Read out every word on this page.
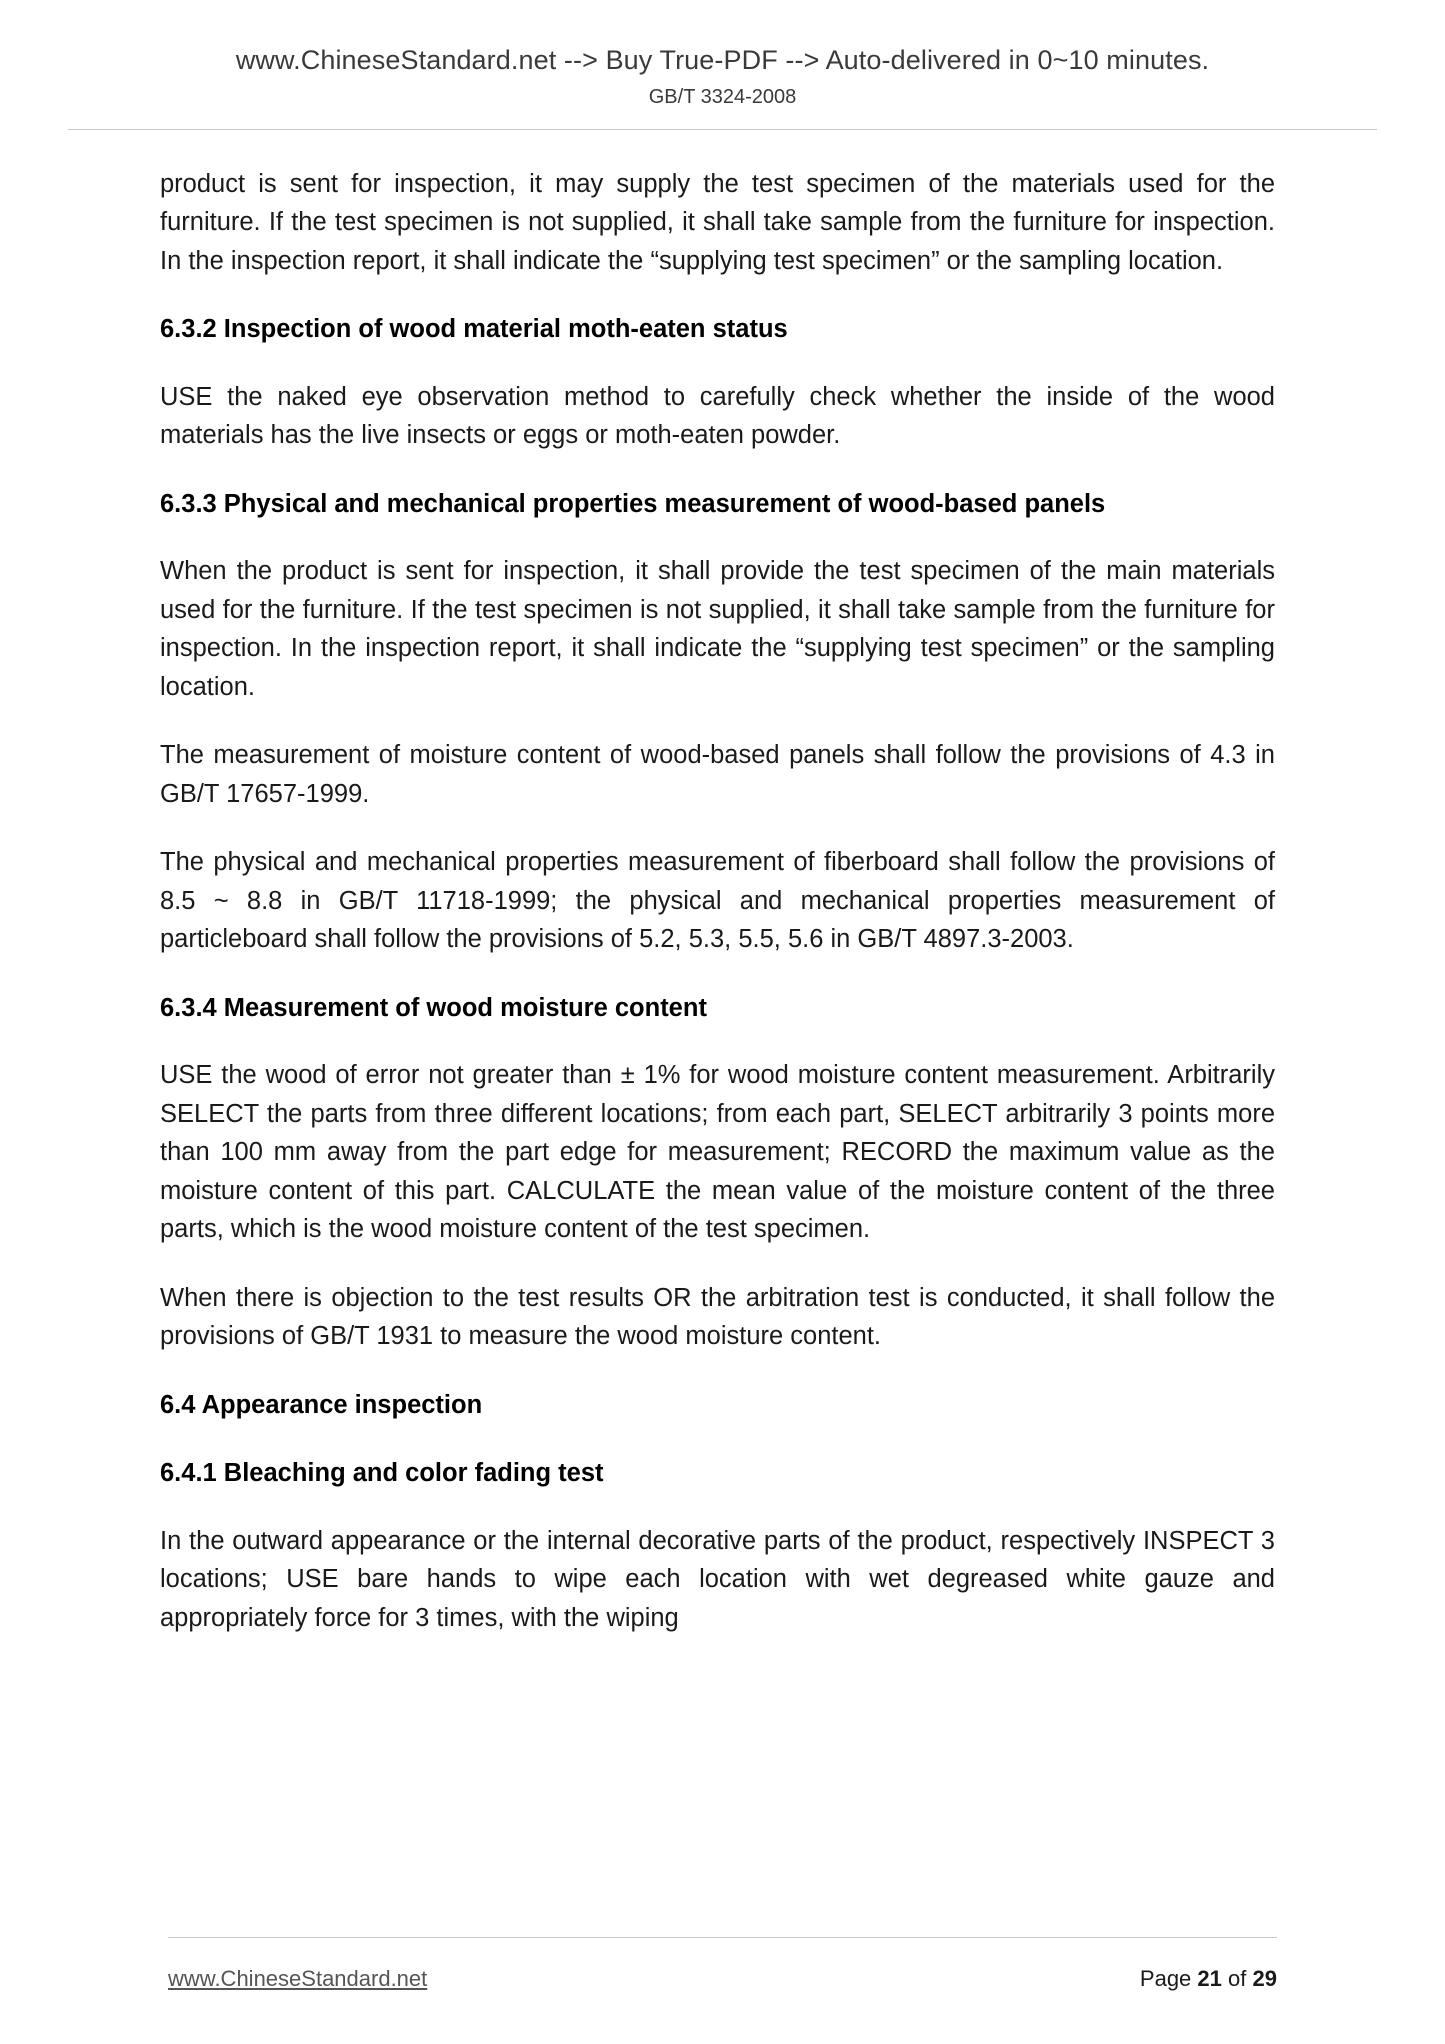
www.ChineseStandard.net --> Buy True-PDF --> Auto-delivered in 0~10 minutes.
GB/T 3324-2008

product is sent for inspection, it may supply the test specimen of the materials used for the furniture. If the test specimen is not supplied, it shall take sample from the furniture for inspection. In the inspection report, it shall indicate the “supplying test specimen” or the sampling location.

6.3.2 Inspection of wood material moth-eaten status

USE the naked eye observation method to carefully check whether the inside of the wood materials has the live insects or eggs or moth-eaten powder.

6.3.3 Physical and mechanical properties measurement of wood-based panels

When the product is sent for inspection, it shall provide the test specimen of the main materials used for the furniture. If the test specimen is not supplied, it shall take sample from the furniture for inspection. In the inspection report, it shall indicate the “supplying test specimen” or the sampling location.

The measurement of moisture content of wood-based panels shall follow the provisions of 4.3 in GB/T 17657-1999.

The physical and mechanical properties measurement of fiberboard shall follow the provisions of 8.5 ~ 8.8 in GB/T 11718-1999; the physical and mechanical properties measurement of particleboard shall follow the provisions of 5.2, 5.3, 5.5, 5.6 in GB/T 4897.3-2003.

6.3.4 Measurement of wood moisture content

USE the wood of error not greater than ± 1% for wood moisture content measurement. Arbitrarily SELECT the parts from three different locations; from each part, SELECT arbitrarily 3 points more than 100 mm away from the part edge for measurement; RECORD the maximum value as the moisture content of this part. CALCULATE the mean value of the moisture content of the three parts, which is the wood moisture content of the test specimen.

When there is objection to the test results OR the arbitration test is conducted, it shall follow the provisions of GB/T 1931 to measure the wood moisture content.

6.4 Appearance inspection
6.4.1 Bleaching and color fading test

In the outward appearance or the internal decorative parts of the product, respectively INSPECT 3 locations; USE bare hands to wipe each location with wet degreased white gauze and appropriately force for 3 times, with the wiping

www.ChineseStandard.net	Page 21 of 29
